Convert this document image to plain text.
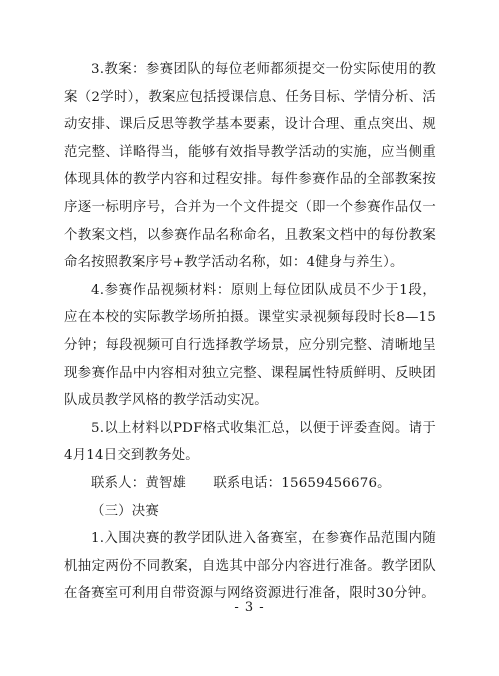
3.教案：参赛团队的每位老师都须提交一份实际使用的教案（2学时），教案应包括授课信息、任务目标、学情分析、活动安排、课后反思等教学基本要素，设计合理、重点突出、规范完整、详略得当，能够有效指导教学活动的实施，应当侧重体现具体的教学内容和过程安排。每件参赛作品的全部教案按序逐一标明序号，合并为一个文件提交（即一个参赛作品仅一个教案文档，以参赛作品名称命名，且教案文档中的每份教案命名按照教案序号+教学活动名称，如：4健身与养生）。

4.参赛作品视频材料：原则上每位团队成员不少于1段，应在本校的实际教学场所拍摄。课堂实录视频每段时长8—15分钟；每段视频可自行选择教学场景，应分别完整、清晰地呈现参赛作品中内容相对独立完整、课程属性特质鲜明、反映团队成员教学风格的教学活动实况。

5.以上材料以PDF格式收集汇总，以便于评委查阅。请于4月14日交到教务处。

联系人：黄智雄　　联系电话：15659456676。

（三）决赛

1.入围决赛的教学团队进入备赛室，在参赛作品范围内随机抽定两份不同教案，自选其中部分内容进行准备。教学团队在备赛室可利用自带资源与网络资源进行准备，限时30分钟。

- 3 -
